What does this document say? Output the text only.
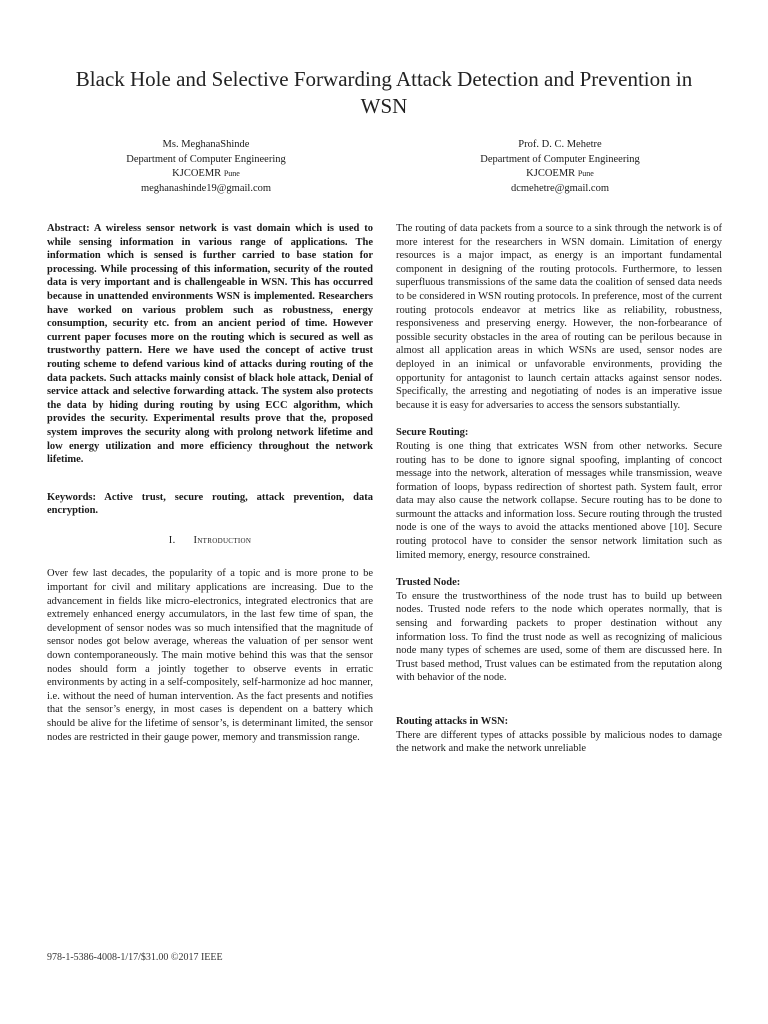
Black Hole and Selective Forwarding Attack Detection and Prevention in WSN
Ms. MeghanaShinde
Department of Computer Engineering
KJCOEMR Pune
meghanashinde19@gmail.com
Prof. D. C. Mehetre
Department of Computer Engineering
KJCOEMR Pune
dcmehetre@gmail.com

Abstract: A wireless sensor network is vast domain which is used to while sensing information in various range of applications. The information which is sensed is further carried to base station for processing. While processing of this information, security of the routed data is very important and is challengeable in WSN. This has occurred because in unattended environments WSN is implemented. Researchers have worked on various problem such as robustness, energy consumption, security etc. from an ancient period of time. However current paper focuses more on the routing which is secured as well as trustworthy pattern. Here we have used the concept of active trust routing scheme to defend various kind of attacks during routing of the data packets. Such attacks mainly consist of black hole attack, Denial of service attack and selective forwarding attack. The system also protects the data by hiding during routing by using ECC algorithm, which provides the security. Experimental results prove that the, proposed system improves the security along with prolong network lifetime and low energy utilization and more efficiency throughout the network lifetime.

Keywords: Active trust, secure routing, attack prevention, data encryption.

I. Introduction

Over few last decades, the popularity of a topic and is more prone to be important for civil and military applications are increasing. Due to the advancement in fields like micro-electronics, integrated electronics that are extremely enhanced energy accumulators, in the last few time of span, the development of sensor nodes was so much intensified that the magnitude of sensor nodes got below average, whereas the valuation of per sensor went down contemporaneously. The main motive behind this was that the sensor nodes should form a jointly together to observe events in erratic environments by acting in a self-compositely, self-harmonize ad hoc manner, i.e. without the need of human intervention. As the fact presents and notifies that the sensor’s energy, in most cases is dependent on a battery which should be alive for the lifetime of sensor’s, is determinant limited, the sensor nodes are restricted in their gauge power, memory and transmission range.

The routing of data packets from a source to a sink through the network is of more interest for the researchers in WSN domain. Limitation of energy resources is a major impact, as energy is an important fundamental component in designing of the routing protocols. Furthermore, to lessen superfluous transmissions of the same data the coalition of sensed data needs to be considered in WSN routing protocols. In preference, most of the current routing protocols endeavor at metrics like as reliability, robustness, responsiveness and preserving energy. However, the non-forbearance of possible security obstacles in the area of routing can be perilous because in almost all application areas in which WSNs are used, sensor nodes are deployed in an inimical or unfavorable environments, providing the opportunity for antagonist to launch certain attacks against sensor nodes. Specifically, the arresting and negotiating of nodes is an imperative issue because it is easy for adversaries to access the sensors substantially.

Secure Routing:

Routing is one thing that extricates WSN from other networks. Secure routing has to be done to ignore signal spoofing, implanting of concoct message into the network, alteration of messages while transmission, weave formation of loops, bypass redirection of shortest path. System fault, error data may also cause the network collapse. Secure routing has to be done to surmount the attacks and information loss. Secure routing through the trusted node is one of the ways to avoid the attacks mentioned above [10]. Secure routing protocol have to consider the sensor network limitation such as limited memory, energy, resource constrained.

Trusted Node:

To ensure the trustworthiness of the node trust has to build up between nodes. Trusted node refers to the node which operates normally, that is sensing and forwarding packets to proper destination without any information loss. To find the trust node as well as recognizing of malicious node many types of schemes are used, some of them are discussed here. In Trust based method, Trust values can be estimated from the reputation along with behavior of the node.

Routing attacks in WSN:

There are different types of attacks possible by malicious nodes to damage the network and make the network unreliable

978-1-5386-4008-1/17/$31.00 ©2017 IEEE
